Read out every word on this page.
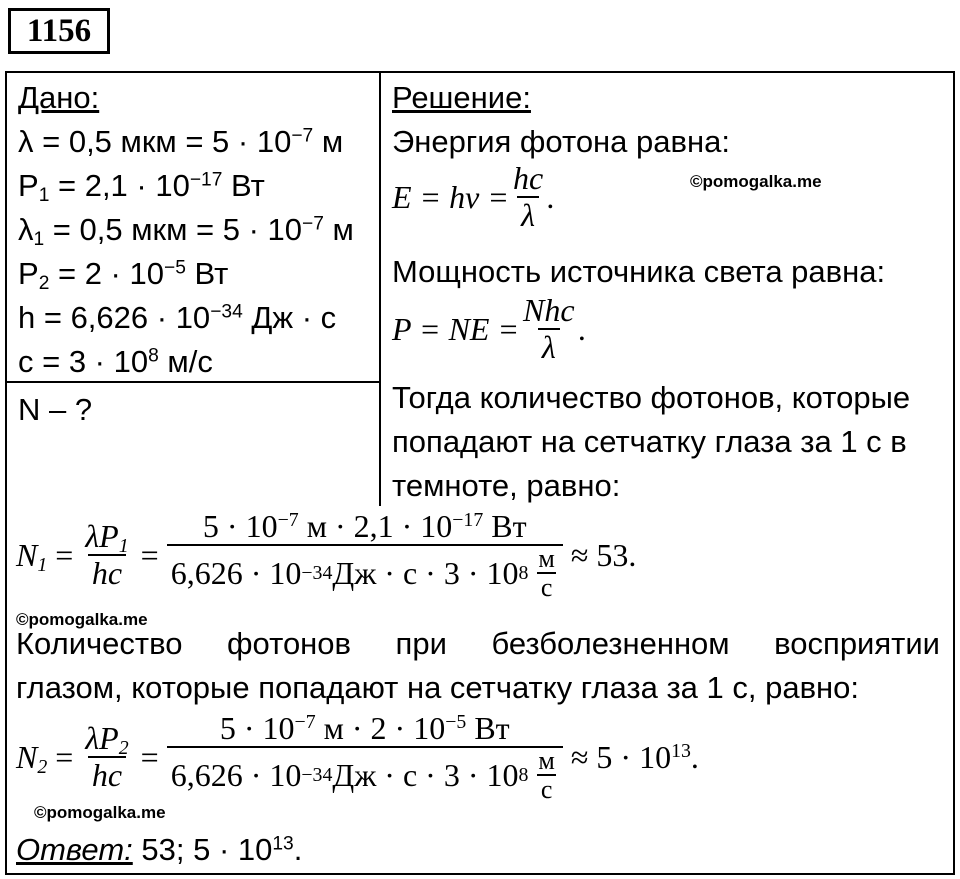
1156
Дано:
λ = 0,5 мкм = $5 \cdot 10^{-7}$ м
$P_1 = 2,1 \cdot 10^{-17}$ Вт
$\lambda_1 = 0,5$ мкм = $5 \cdot 10^{-7}$ м
$P_2 = 2 \cdot 10^{-5}$ Вт
$h = 6,626 \cdot 10^{-34}$ Дж · с
$c = 3 \cdot 10^8$ м/с
N – ?
Решение:
Энергия фотона равна:
©pomogalka.me
$E = h\nu = \frac{hc}{\lambda}$ .
Мощность источника света равна:
P = NE = $\frac{\text{Nhc}}{\lambda}$ .
Тогда количество фотонов, которые
попадают на сетчатку глаза за 1 с в
темноте, равно:
$N_1 = \frac{\lambda P_1}{hc} = 5 \cdot 10^{-7}$ $м \cdot 2,1 \cdot 10^{-17}$ Вт
6,626 · 10 −34 Дж · с · 3 · 10 8
м
с ≈ 53.
©pomogalka.me
Количество фотонов при безболезненном восприятии
глазом, которые попадают на сетчатку глаза за 1 с, равно:
$N_2 = \frac{\lambda P_2}{hc} = 5 \cdot 10^{-7}$ $м \cdot 2 \cdot 10^{-5}$ Вт
6,626 · 10 −34 Дж · с · 3 · 10 8
м
$с \approx 5 \cdot 10^{13}$.
©pomogalka.me
Ответ: 53; $5 \cdot 10^{13}$.
